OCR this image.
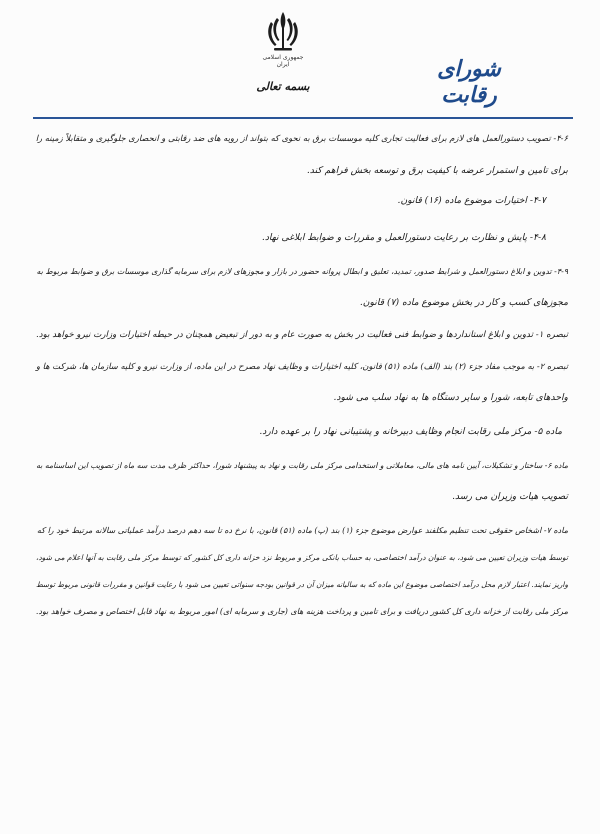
جمهوری اسلامی ایران
بسمه تعالی
شورای رقابت
۴-۶- تصویب دستورالعمل های لازم برای فعالیت تجاری کلیه موسسات برق به نحوی که بتواند از رویه های ضد رقابتی و انحصاری جلوگیری و متقابلاً زمینه را
برای تامین و استمرار عرضه با کیفیت برق و توسعه بخش فراهم کند.
۴-۷- اختیارات موضوع ماده (۱۶) قانون.
۴-۸- پایش و نظارت بر رعایت دستورالعمل و مقررات و ضوابط ابلاغی نهاد.
۴-۹- تدوین و ابلاغ دستورالعمل و شرایط صدور، تمدید، تعلیق و ابطال پروانه حضور در بازار و مجوزهای لازم برای سرمایه گذاری موسسات برق و ضوابط مربوط به
مجوزهای کسب و کار در بخش موضوع ماده (۷) قانون.
تبصره ۱- تدوین و ابلاغ استانداردها و ضوابط فنی فعالیت در بخش به صورت عام و به دور از تبعیض همچنان در حیطه اختیارات وزارت نیرو خواهد بود.
تبصره ۲- به موجب مفاد جزء (۲) بند (الف) ماده (۵۱) قانون، کلیه اختیارات و وظایف نهاد مصرح در این ماده، از وزارت نیرو و کلیه سازمان ها، شرکت ها و
واحدهای تابعه، شورا و سایر دستگاه ها به نهاد سلب می شود.
ماده ۵- مرکز ملی رقابت انجام وظایف دبیرخانه و پشتیبانی نهاد را بر عهده دارد.
ماده ۶- ساختار و تشکیلات، آیین نامه های مالی، معاملاتی و استخدامی مرکز ملی رقابت و نهاد به پیشنهاد شورا، حداکثر ظرف مدت سه ماه از تصویب این اساسنامه به
تصویب هیات وزیران می رسد.
ماده ۷- اشخاص حقوقی تحت تنظیم مکلفند عوارض موضوع جزء (۱) بند (پ) ماده (۵۱) قانون، با نرخ ده تا سه دهم درصد درآمد عملیاتی سالانه مرتبط خود را که
توسط هیات وزیران تعیین می شود، به عنوان درآمد اختصاصی، به حساب بانکی مرکز و مربوط نزد خزانه داری کل کشور که توسط مرکز ملی رقابت به آنها اعلام می شود،
واریز نمایند. اعتبار لازم محل درآمد اختصاصی موضوع این ماده که به سالیانه میزان آن در قوانین بودجه سنواتی تعیین می شود با رعایت قوانین و مقررات قانونی مربوط توسط
مرکز ملی رقابت از خزانه داری کل کشور دریافت و برای تامین و پرداخت هزینه های (جاری و سرمایه ای) امور مربوط به نهاد قابل اختصاص و مصرف خواهد بود.
